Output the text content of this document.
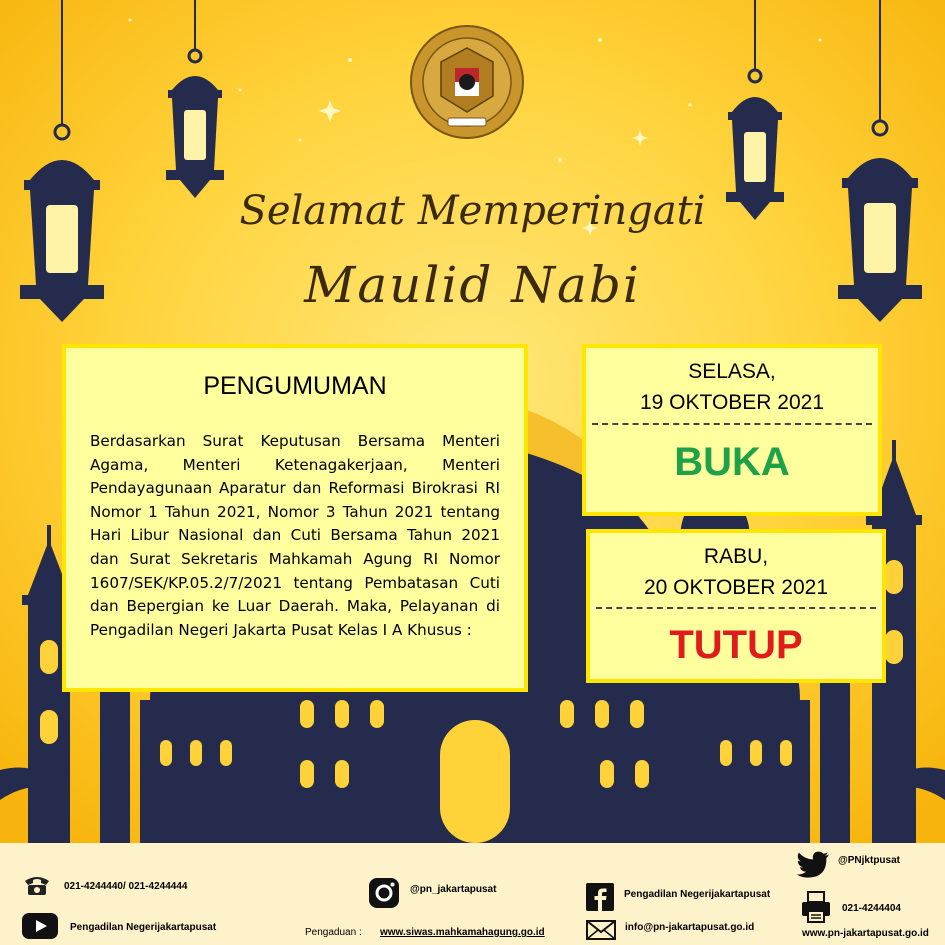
Selamat Memperingati
Maulid Nabi
PENGUMUMAN

Berdasarkan Surat Keputusan Bersama Menteri Agama, Menteri Ketenagakerjaan, Menteri Pendayagunaan Aparatur dan Reformasi Birokrasi RI Nomor 1 Tahun 2021, Nomor 3 Tahun 2021 tentang Hari Libur Nasional dan Cuti Bersama Tahun 2021 dan Surat Sekretaris Mahkamah Agung RI Nomor 1607/SEK/KP.05.2/7/2021 tentang Pembatasan Cuti dan Bepergian ke Luar Daerah. Maka, Pelayanan di Pengadilan Negeri Jakarta Pusat Kelas I A Khusus :

SELASA,
19 OKTOBER 2021
BUKA
RABU,
20 OKTOBER 2021
TUTUP
021-4244440/ 021-4244444
Pengadilan Negerijakartapusat
@pn_jakartapusat
Pengaduan : www.siwas.mahkamahagung.go.id
Pengadilan Negerijakartapusat
info@pn-jakartapusat.go.id
@PNjktpusat
021-4244404
www.pn-jakartapusat.go.id
